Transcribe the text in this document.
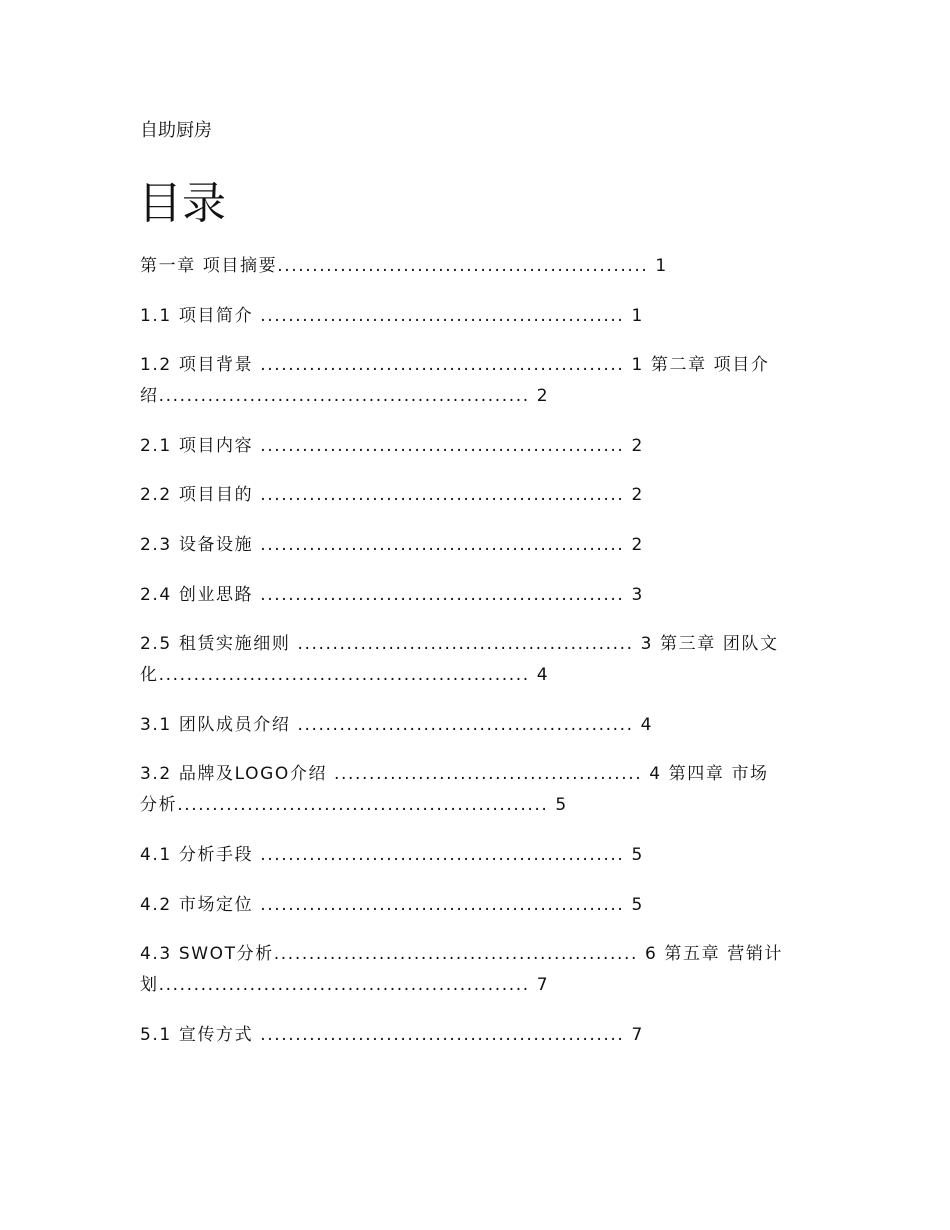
自助厨房
目录
第一章 项目摘要..................................................... 1
1.1 项目简介 .................................................... 1
1.2 项目背景 .................................................... 1 第二章 项目介
绍..................................................... 2
2.1 项目内容 .................................................... 2
2.2 项目目的 .................................................... 2
2.3 设备设施 .................................................... 2
2.4 创业思路 .................................................... 3
2.5 租赁实施细则 ................................................ 3 第三章 团队文
化..................................................... 4
3.1 团队成员介绍 ................................................ 4
3.2 品牌及LOGO介绍 ............................................ 4 第四章 市场
分析..................................................... 5
4.1 分析手段 .................................................... 5
4.2 市场定位 .................................................... 5
4.3 SWOT分析.................................................... 6 第五章 营销计
划..................................................... 7
5.1 宣传方式 .................................................... 7
